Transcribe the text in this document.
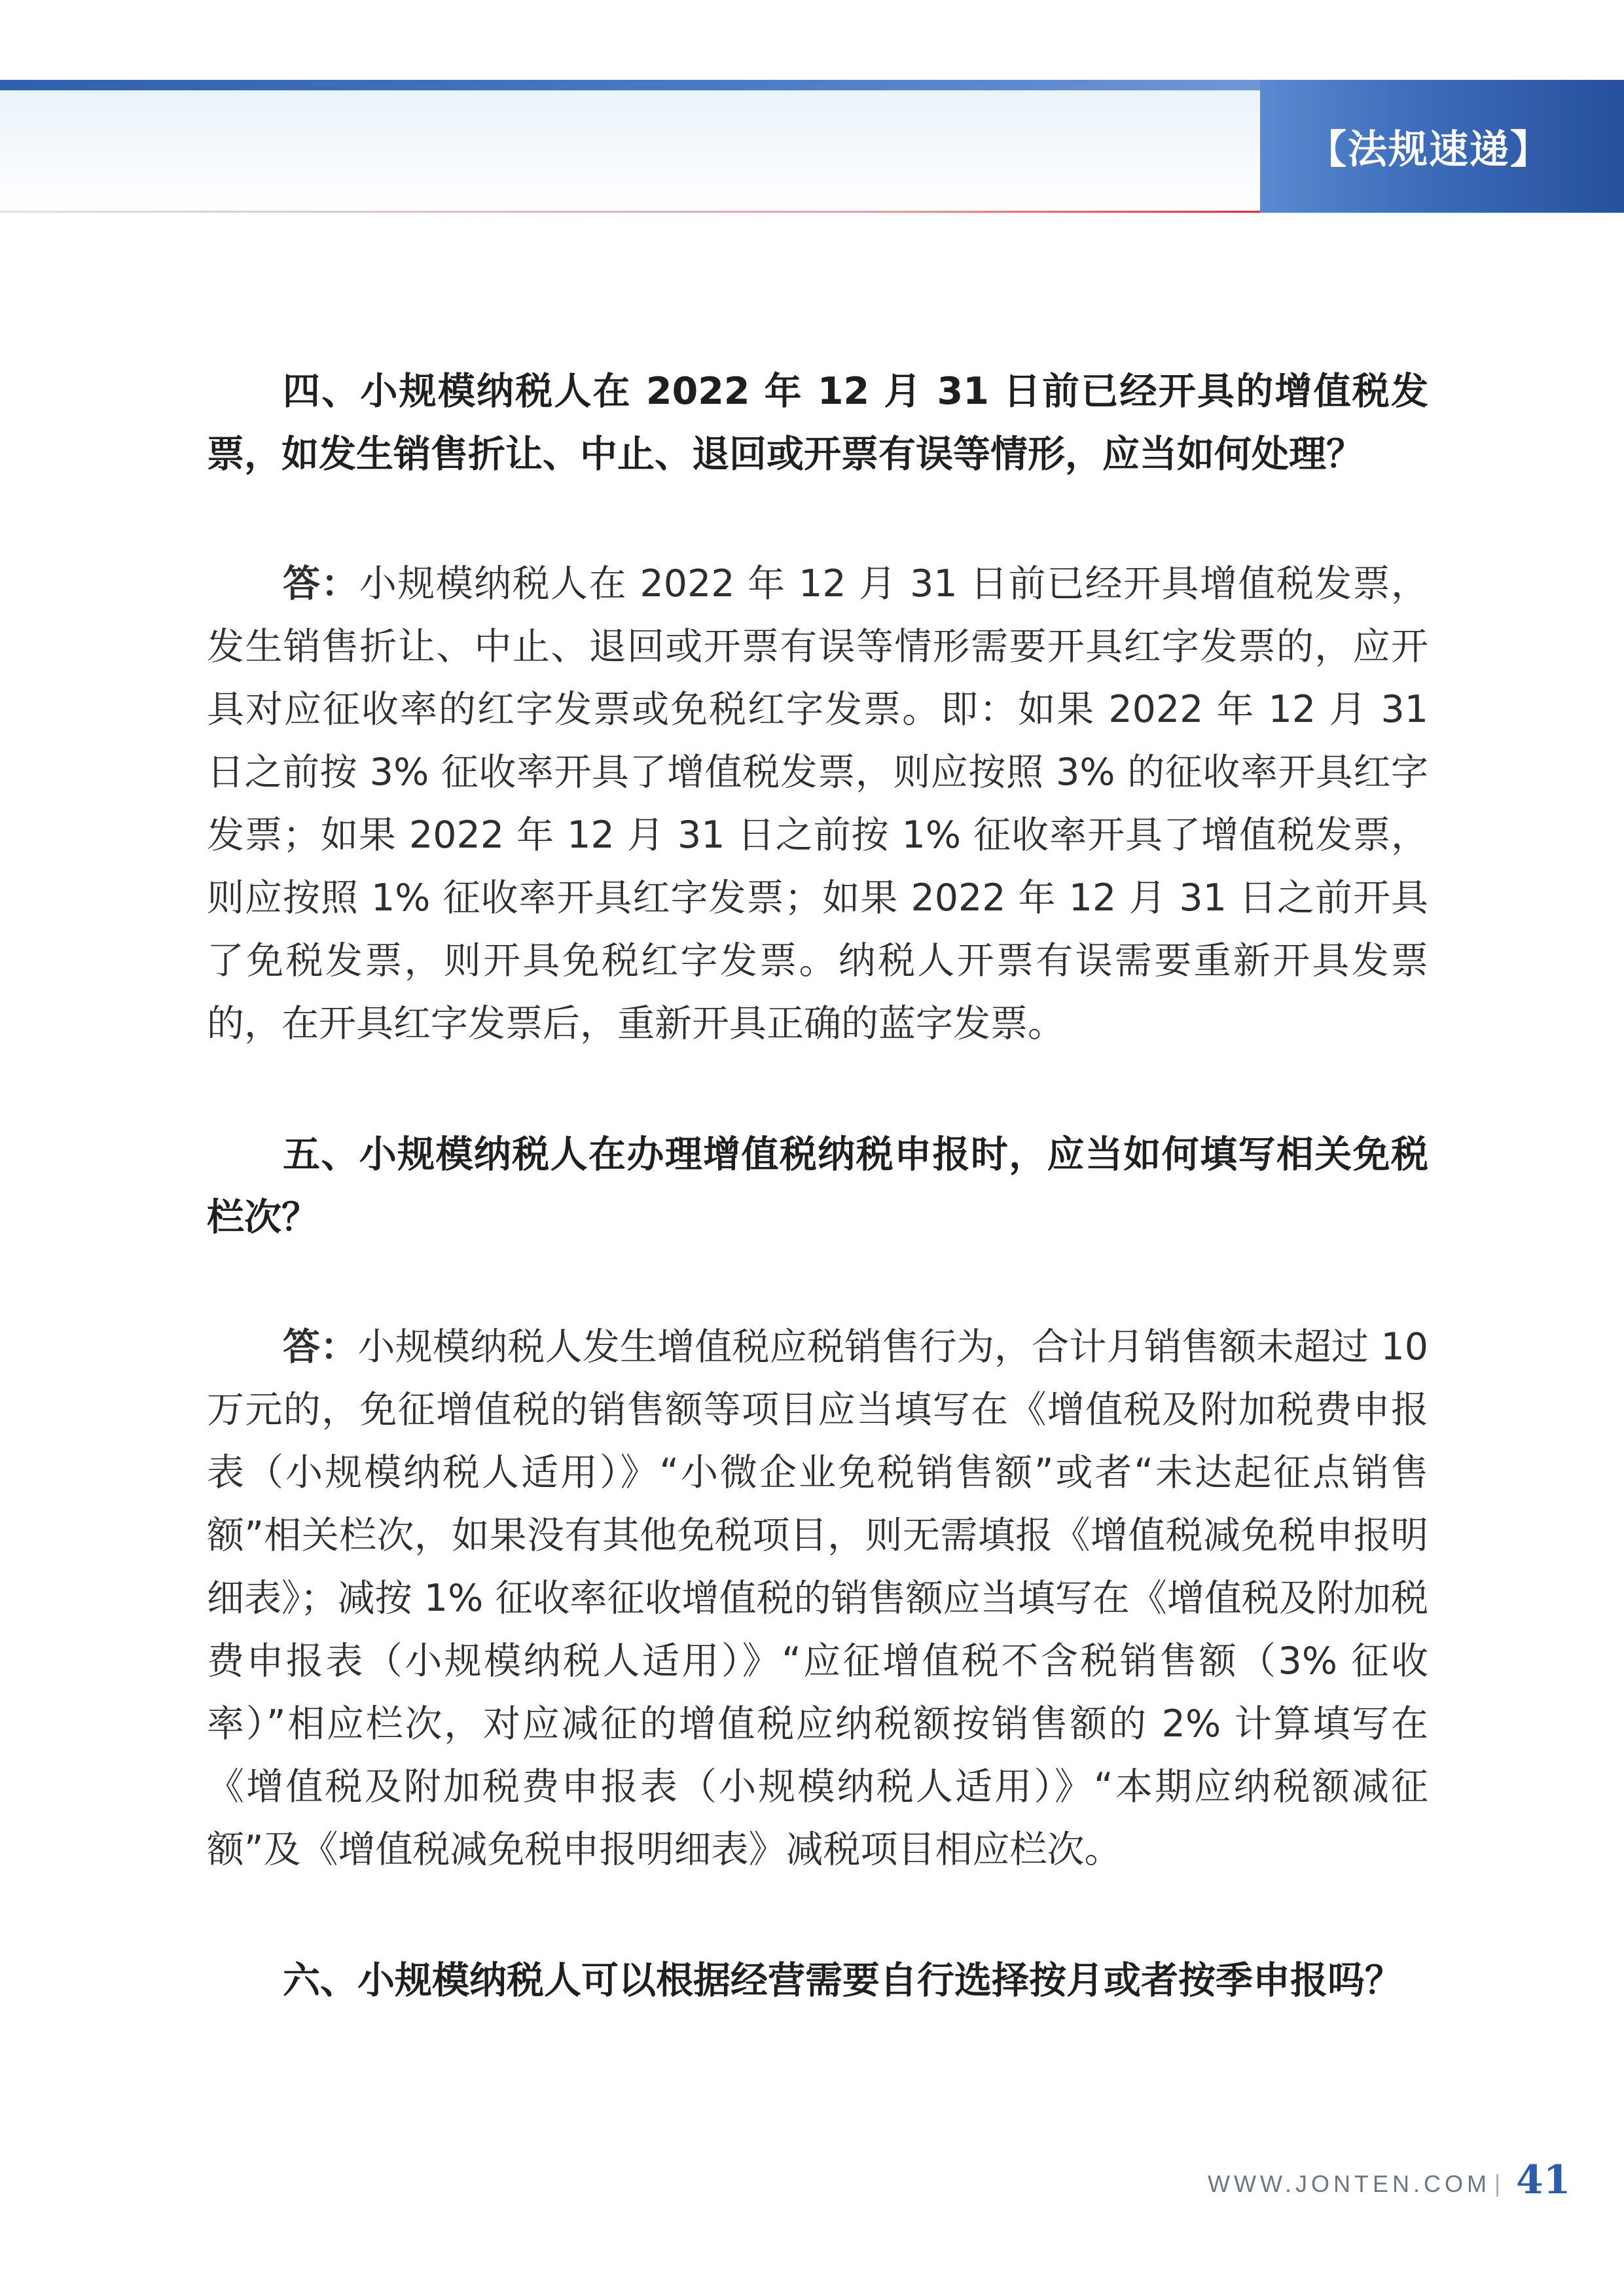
【法规速递】

四、小规模纳税人在 2022 年 12 月 31 日前已经开具的增值税发票，如发生销售折让、中止、退回或开票有误等情形，应当如何处理？

答：小规模纳税人在 2022 年 12 月 31 日前已经开具增值税发票，发生销售折让、中止、退回或开票有误等情形需要开具红字发票的，应开具对应征收率的红字发票或免税红字发票。即：如果 2022 年 12 月 31 日之前按 3% 征收率开具了增值税发票，则应按照 3% 的征收率开具红字发票；如果 2022 年 12 月 31 日之前按 1% 征收率开具了增值税发票，则应按照 1% 征收率开具红字发票；如果 2022 年 12 月 31 日之前开具了免税发票，则开具免税红字发票。纳税人开票有误需要重新开具发票的，在开具红字发票后，重新开具正确的蓝字发票。

五、小规模纳税人在办理增值税纳税申报时，应当如何填写相关免税栏次？

答：小规模纳税人发生增值税应税销售行为，合计月销售额未超过 10 万元的，免征增值税的销售额等项目应当填写在《增值税及附加税费申报表（小规模纳税人适用）》“小微企业免税销售额”或者“未达起征点销售额”相关栏次，如果没有其他免税项目，则无需填报《增值税减免税申报明细表》；减按 1% 征收率征收增值税的销售额应当填写在《增值税及附加税费申报表（小规模纳税人适用）》“应征增值税不含税销售额（3% 征收率）”相应栏次，对应减征的增值税应纳税额按销售额的 2% 计算填写在《增值税及附加税费申报表（小规模纳税人适用）》“本期应纳税额减征额”及《增值税减免税申报明细表》减税项目相应栏次。

六、小规模纳税人可以根据经营需要自行选择按月或者按季申报吗？

WWW.JONTEN.COM 41
